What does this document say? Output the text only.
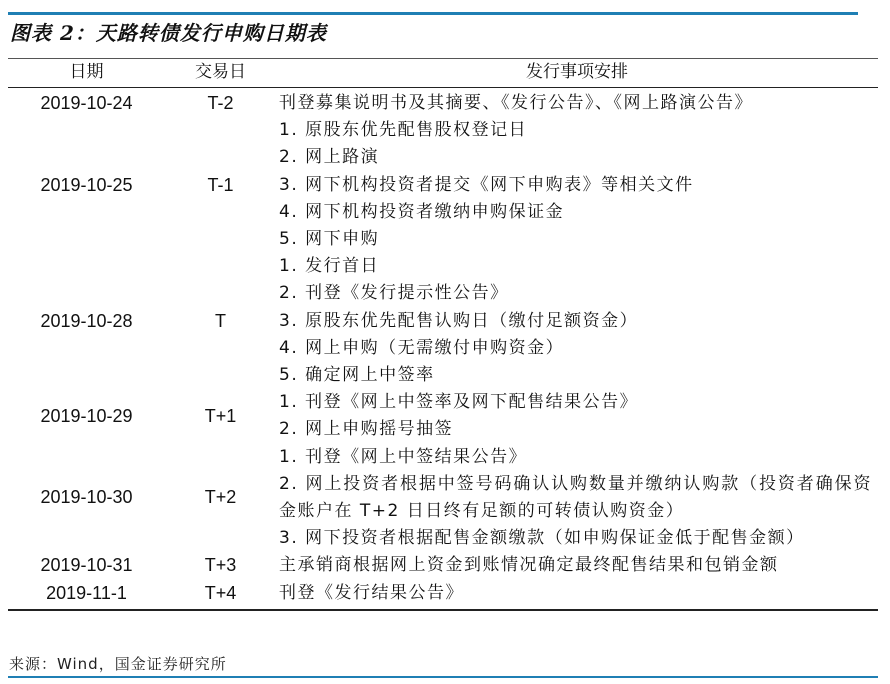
图表 2：天路转债发行申购日期表
日期	交易日	发行事项安排
2019-10-24	T-2	刊登募集说明书及其摘要、《发行公告》、《网上路演公告》

2019-10-25	T-1	1. 原股东优先配售股权登记日
2. 网上路演
3. 网下机构投资者提交《网下申购表》等相关文件
4. 网下机构投资者缴纳申购保证金
5. 网下申购

2019-10-28	T	1. 发行首日
2. 刊登《发行提示性公告》
3. 原股东优先配售认购日（缴付足额资金）
4. 网上申购（无需缴付申购资金）
5. 确定网上中签率

2019-10-29	T+1	1. 刊登《网上中签率及网下配售结果公告》
2. 网上申购摇号抽签

2019-10-30	T+2	1. 刊登《网上中签结果公告》
2. 网上投资者根据中签号码确认认购数量并缴纳认购款（投资者确保资金账户在 T+2 日日终有足额的可转债认购资金）
3. 网下投资者根据配售金额缴款（如申购保证金低于配售金额）

2019-10-31	T+3	主承销商根据网上资金到账情况确定最终配售结果和包销金额

2019-11-1	T+4	刊登《发行结果公告》
来源：Wind，国金证券研究所
